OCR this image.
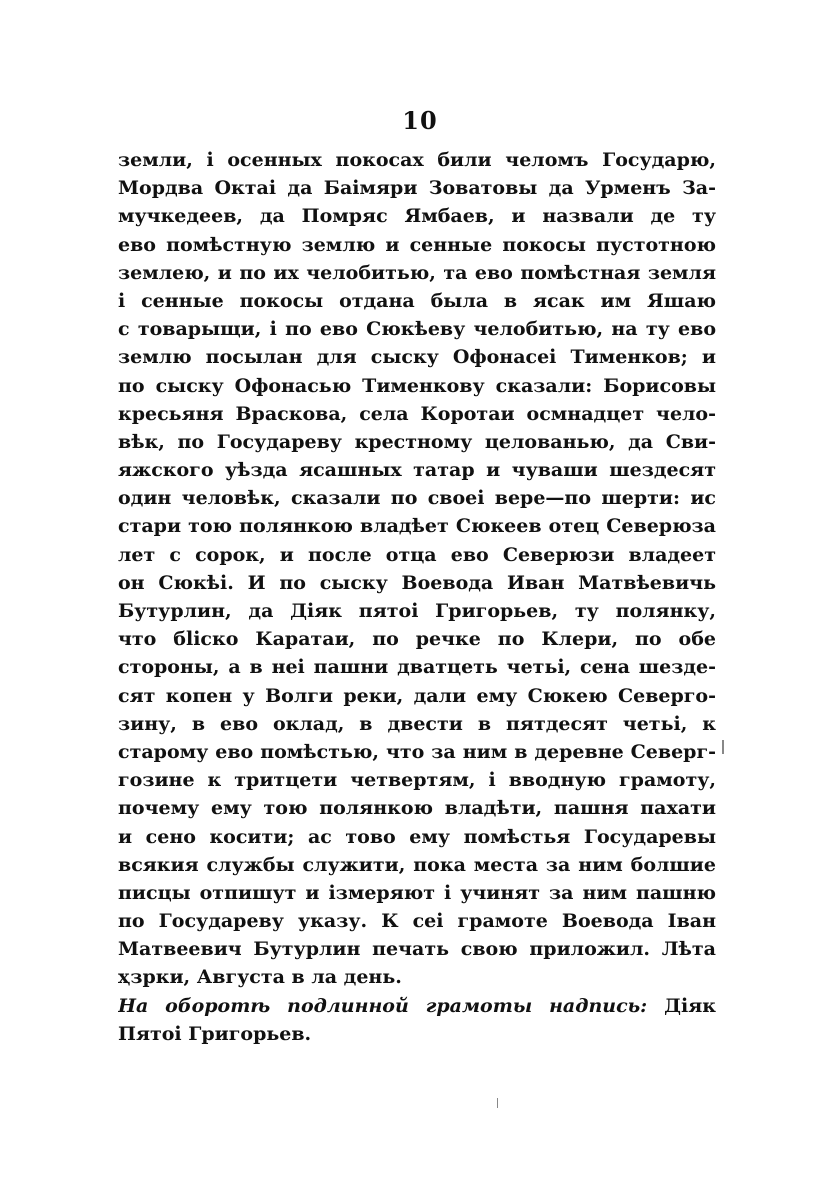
10
земли, і осенных покосах били челомъ Государю,
Мордва Октаі да Баімяри Зоватовы да Урменъ За-
мучкедеев, да Помряс Ямбаев, и назвали де ту
ево помѣстную землю и сенные покосы пустотною
землею, и по их челобитью, та ево помѣстная земля
і сенные покосы отдана была в ясак им Яшаю
с товарыщи, і по ево Сюкѣеву челобитью, на ту ево
землю посылан для сыску Офонасеі Тименков; и
по сыску Офонасью Тименкову сказали: Борисовы
кресьяня Враскова, села Коротаи осмнадцет чело-
вѣк, по Государеву крестному целованью, да Сви-
яжского уѣзда ясашных татар и чуваши шездесят
один человѣк, сказали по своеі вере—по шерти: ис
стари тою полянкою владѣет Сюкеев отец Северюза
лет с сорок, и после отца ево Северюзи владеет
он Сюкѣі. И по сыску Воевода Иван Матвѣевичь
Бутурлин, да Діяк пятоі Григорьев, ту полянку,
что бliско Каратаи, по речке по Клери, по обе
стороны, а в неі пашни дватцеть четьі, сена шезде-
сят копен у Волги реки, дали ему Сюкею Северго-
зину, в ево оклад, в двести в пятдесят четьі, к
старому ево помѣстью, что за ним в деревне Северг-
гозине к тритцети четвертям, і вводную грамоту,
почему ему тою полянкою владѣти, пашня пахати
и сено косити; ас тово ему помѣстья Государевы
всякия службы служити, пока места за ним болшие
писцы отпишут и ізмеряют і учинят за ним пашню
по Государеву указу. К сеі грамоте Воевода Іван
Матвеевич Бутурлин печать свою приложил. Лѣта
ҳзрки, Августа в ла день.
На оборотѣ подлинной грамоты надпись: Діяк
Пятоі Григорьев.
